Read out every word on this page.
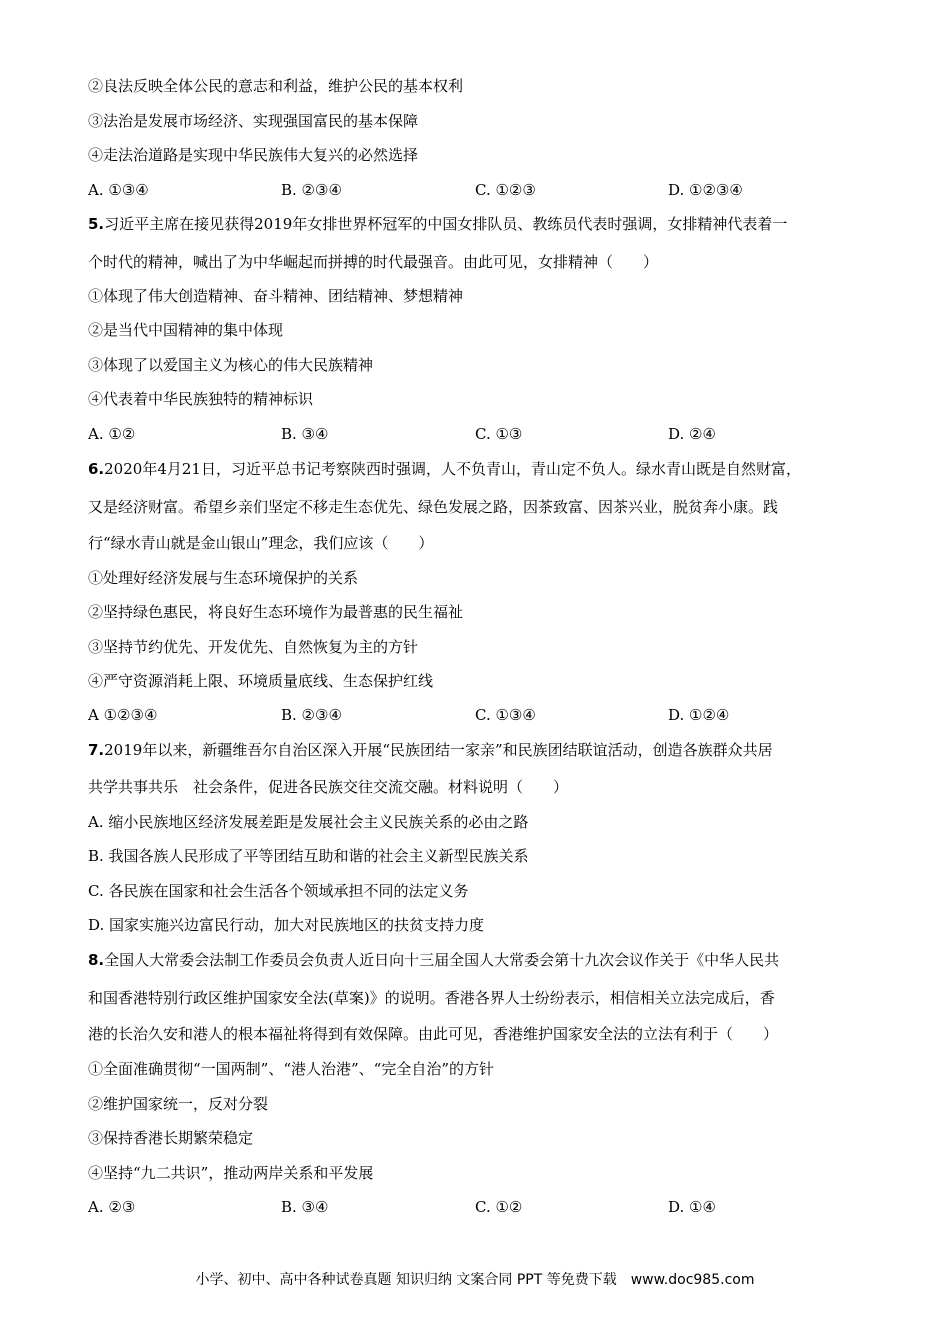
②良法反映全体公民的意志和利益，维护公民的基本权利
③法治是发展市场经济、实现强国富民的基本保障
④走法治道路是实现中华民族伟大复兴的必然选择
A. ①③④	B. ②③④	C. ①②③	D. ①②③④
5.习近平主席在接见获得2019年女排世界杯冠军的中国女排队员、教练员代表时强调，女排精神代表着一
个时代的精神，喊出了为中华崛起而拼搏的时代最强音。由此可见，女排精神（　　）
①体现了伟大创造精神、奋斗精神、团结精神、梦想精神
②是当代中国精神的集中体现
③体现了以爱国主义为核心的伟大民族精神
④代表着中华民族独特的精神标识
A. ①②	B. ③④	C. ①③	D. ②④
6.2020年4月21日，习近平总书记考察陕西时强调，人不负青山，青山定不负人。绿水青山既是自然财富，
又是经济财富。希望乡亲们坚定不移走生态优先、绿色发展之路，因茶致富、因茶兴业，脱贫奔小康。践
行“绿水青山就是金山银山”理念，我们应该（　　）
①处理好经济发展与生态环境保护的关系
②坚持绿色惠民，将良好生态环境作为最普惠的民生福祉
③坚持节约优先、开发优先、自然恢复为主的方针
④严守资源消耗上限、环境质量底线、生态保护红线
A ①②③④	B. ②③④	C. ①③④	D. ①②④
7.2019年以来，新疆维吾尔自治区深入开展“民族团结一家亲”和民族团结联谊活动，创造各族群众共居
共学共事共乐　社会条件，促进各民族交往交流交融。材料说明（　　）
A. 缩小民族地区经济发展差距是发展社会主义民族关系的必由之路
B. 我国各族人民形成了平等团结互助和谐的社会主义新型民族关系
C. 各民族在国家和社会生活各个领域承担不同的法定义务
D. 国家实施兴边富民行动，加大对民族地区的扶贫支持力度
8.全国人大常委会法制工作委员会负责人近日向十三届全国人大常委会第十九次会议作关于《中华人民共
和国香港特别行政区维护国家安全法(草案)》的说明。香港各界人士纷纷表示，相信相关立法完成后，香
港的长治久安和港人的根本福祉将得到有效保障。由此可见，香港维护国家安全法的立法有利于（　　）
①全面准确贯彻“一国两制”、“港人治港”、“完全自治”的方针
②维护国家统一，反对分裂
③保持香港长期繁荣稳定
④坚持“九二共识”，推动两岸关系和平发展
A. ②③	B. ③④	C. ①②	D. ①④
小学、初中、高中各种试卷真题 知识归纳 文案合同 PPT 等免费下载　www.doc985.com
